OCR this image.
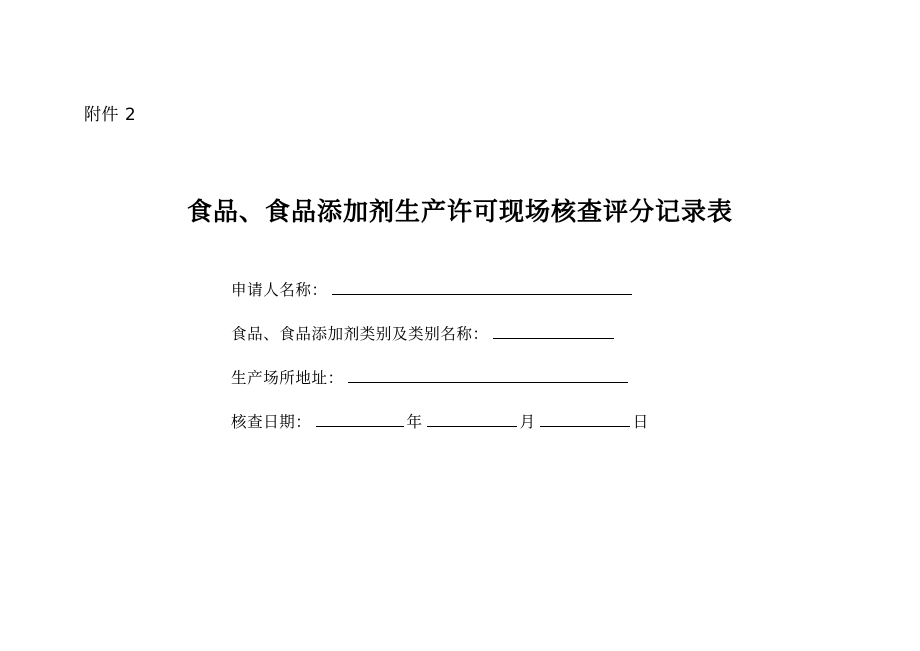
附件 2
食品、食品添加剂生产许可现场核查评分记录表
申请人名称：
食品、食品添加剂类别及类别名称：
生产场所地址：
核查日期：	年	月	日
